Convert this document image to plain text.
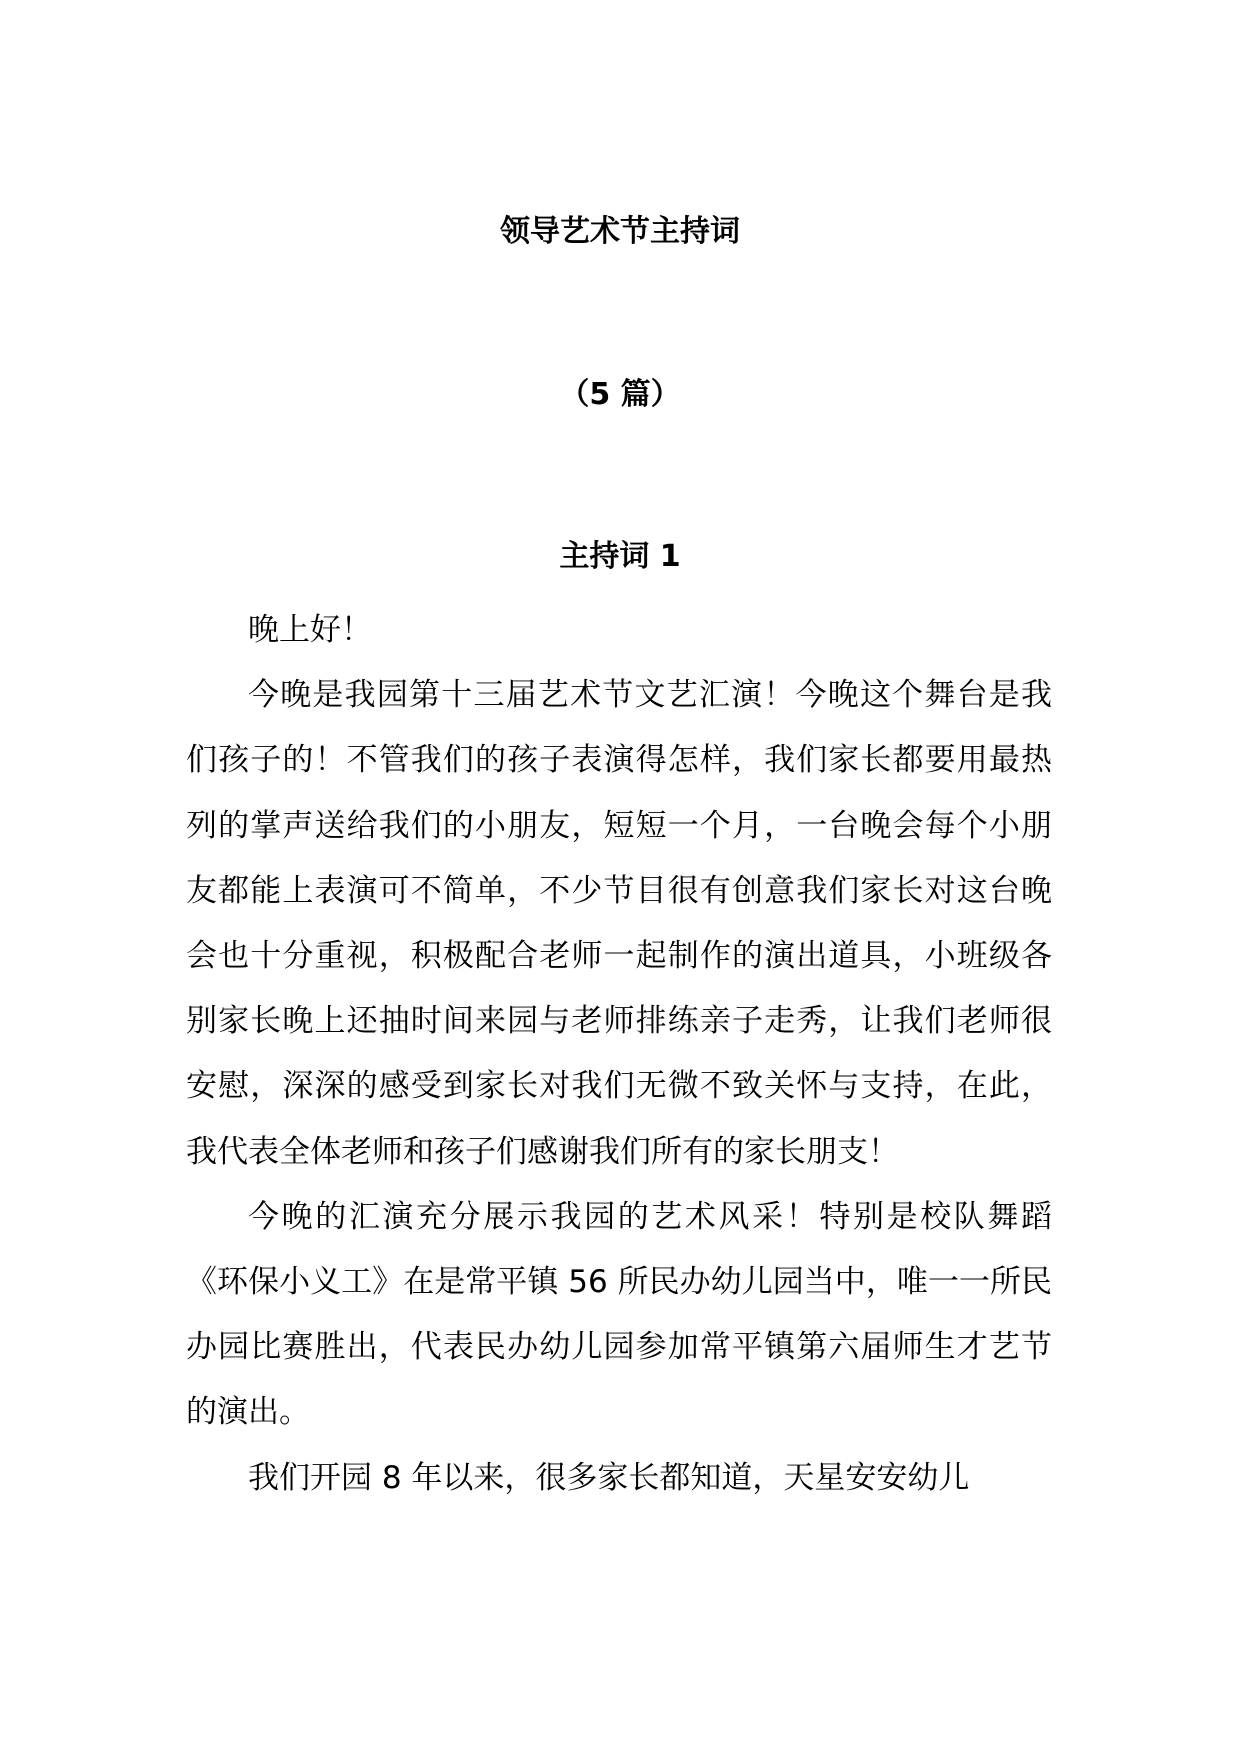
领导艺术节主持词
（5 篇）
主持词 1

晚上好！

今晚是我园第十三届艺术节文艺汇演！今晚这个舞台是我们孩子的！不管我们的孩子表演得怎样，我们家长都要用最热列的掌声送给我们的小朋友，短短一个月，一台晚会每个小朋友都能上表演可不简单，不少节目很有创意我们家长对这台晚会也十分重视，积极配合老师一起制作的演出道具，小班级各别家长晚上还抽时间来园与老师排练亲子走秀，让我们老师很安慰，深深的感受到家长对我们无微不致关怀与支持，在此，我代表全体老师和孩子们感谢我们所有的家长朋支！

今晚的汇演充分展示我园的艺术风采！特别是校队舞蹈《环保小义工》在是常平镇 56 所民办幼儿园当中，唯一一所民办园比赛胜出，代表民办幼儿园参加常平镇第六届师生才艺节的演出。

我们开园 8 年以来，很多家长都知道，天星安安幼儿
